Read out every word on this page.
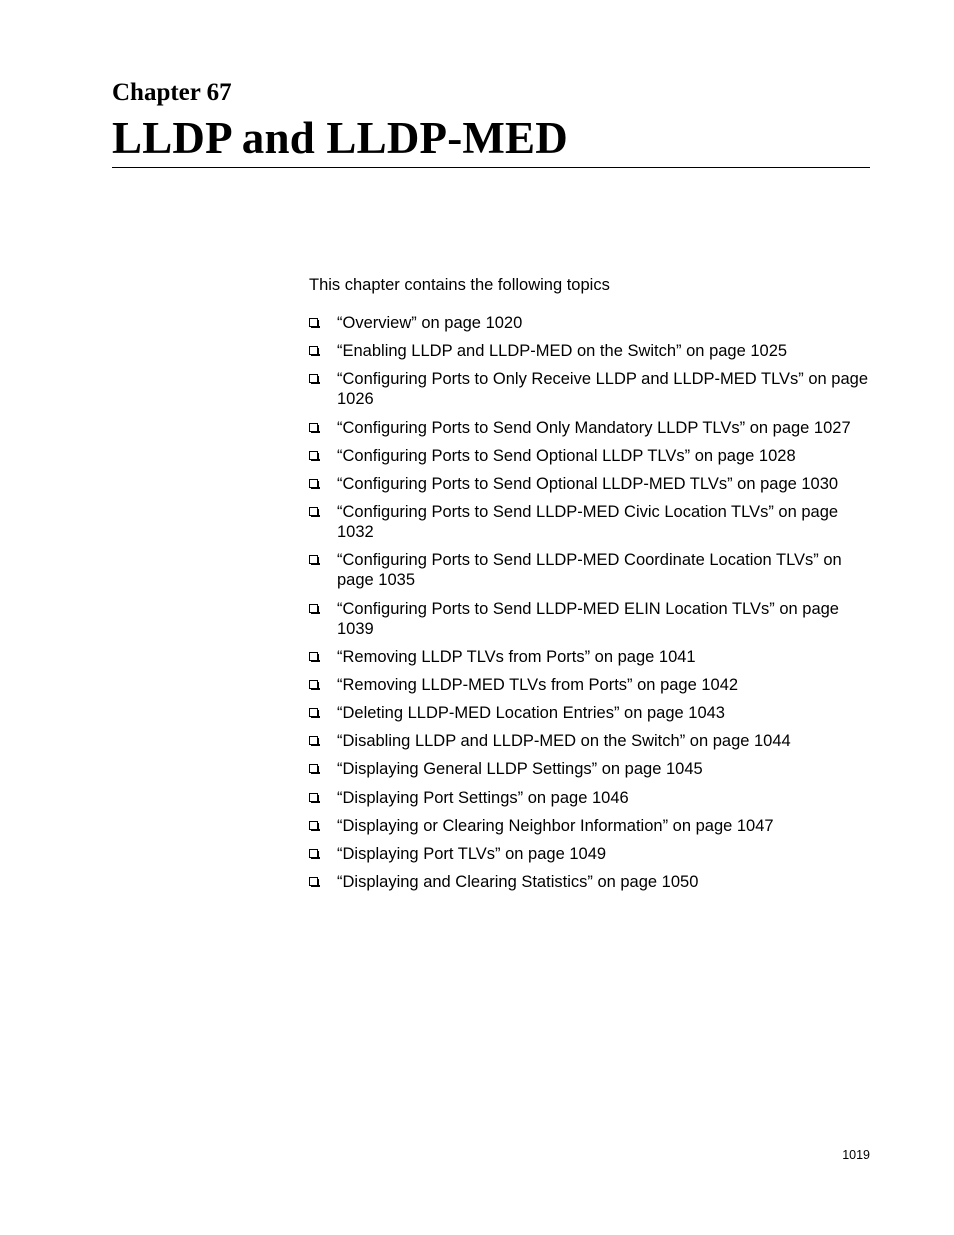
Chapter 67
LLDP and LLDP-MED

This chapter contains the following topics

“Overview” on page 1020
“Enabling LLDP and LLDP-MED on the Switch” on page 1025
“Configuring Ports to Only Receive LLDP and LLDP-MED TLVs” on page 1026
“Configuring Ports to Send Only Mandatory LLDP TLVs” on page 1027
“Configuring Ports to Send Optional LLDP TLVs” on page 1028
“Configuring Ports to Send Optional LLDP-MED TLVs” on page 1030
“Configuring Ports to Send LLDP-MED Civic Location TLVs” on page 1032
“Configuring Ports to Send LLDP-MED Coordinate Location TLVs” on page 1035
“Configuring Ports to Send LLDP-MED ELIN Location TLVs” on page 1039
“Removing LLDP TLVs from Ports” on page 1041
“Removing LLDP-MED TLVs from Ports” on page 1042
“Deleting LLDP-MED Location Entries” on page 1043
“Disabling LLDP and LLDP-MED on the Switch” on page 1044
“Displaying General LLDP Settings” on page 1045
“Displaying Port Settings” on page 1046
“Displaying or Clearing Neighbor Information” on page 1047
“Displaying Port TLVs” on page 1049
“Displaying and Clearing Statistics” on page 1050

1019
